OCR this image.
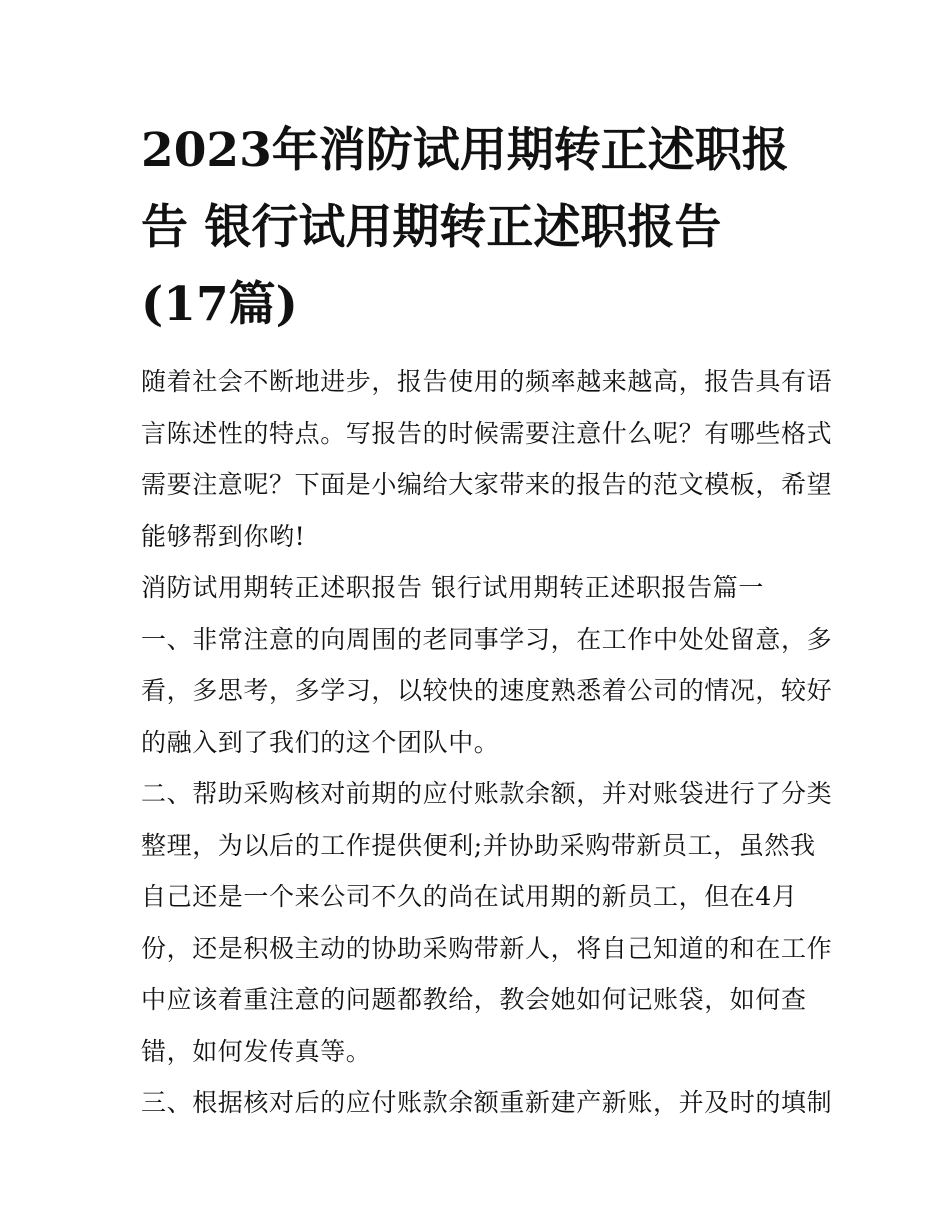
2023年消防试用期转正述职报
告 银行试用期转正述职报告
(17篇)
随着社会不断地进步，报告使用的频率越来越高，报告具有语
言陈述性的特点。写报告的时候需要注意什么呢？有哪些格式
需要注意呢？下面是小编给大家带来的报告的范文模板，希望
能够帮到你哟!
消防试用期转正述职报告 银行试用期转正述职报告篇一
一、非常注意的向周围的老同事学习，在工作中处处留意，多
看，多思考，多学习，以较快的速度熟悉着公司的情况，较好
的融入到了我们的这个团队中。
二、帮助采购核对前期的应付账款余额，并对账袋进行了分类
整理，为以后的工作提供便利;并协助采购带新员工，虽然我
自己还是一个来公司不久的尚在试用期的新员工，但在4月
份，还是积极主动的协助采购带新人，将自己知道的和在工作
中应该着重注意的问题都教给，教会她如何记账袋，如何查
错，如何发传真等。
三、根据核对后的应付账款余额重新建产新账，并及时的填制
